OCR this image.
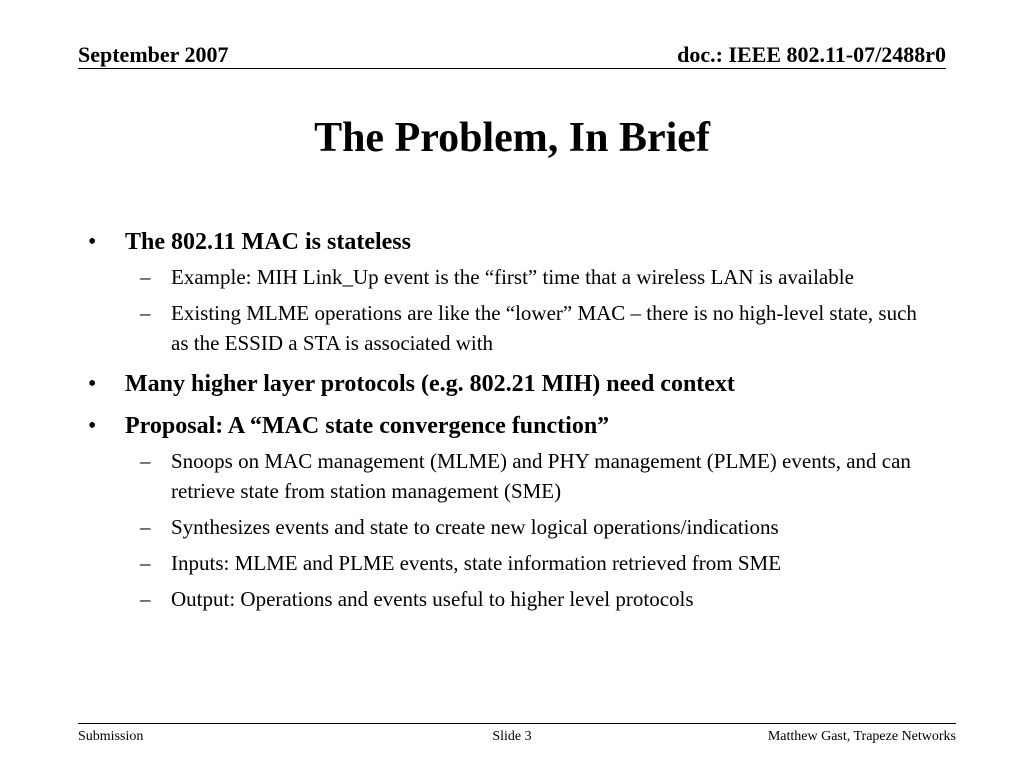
September 2007	doc.: IEEE 802.11-07/2488r0
The Problem, In Brief
•	The 802.11 MAC is stateless
– Example: MIH Link_Up event is the “first” time that a wireless LAN is available
– Existing MLME operations are like the “lower” MAC – there is no high-level state, such as the ESSID a STA is associated with
•	Many higher layer protocols (e.g. 802.21 MIH) need context
•	Proposal: A “MAC state convergence function”
– Snoops on MAC management (MLME) and PHY management (PLME) events, and can retrieve state from station management (SME)
– Synthesizes events and state to create new logical operations/indications
– Inputs: MLME and PLME events, state information retrieved from SME
– Output: Operations and events useful to higher level protocols
Submission	Slide 3	Matthew Gast, Trapeze Networks
